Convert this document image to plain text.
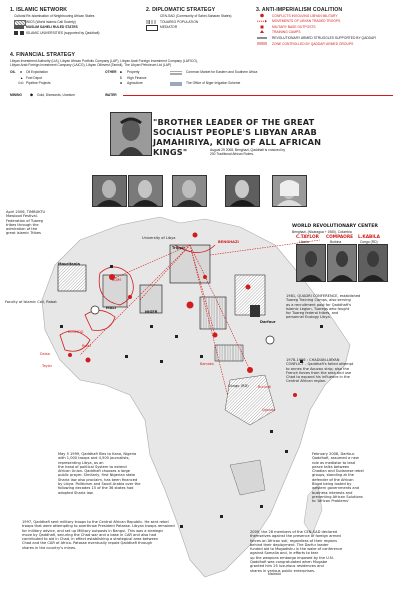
1. ISLAMIC NETWORK
Cultural Re-Islamisation of Neighbouring African States
WICS (World Islamic Call Society)
MUSLIM SAHELI RULED STATES
ISLAMIC UNIVERSITIES (supported by Qaddhafi)
2. DIPLOMATIC STRATEGY
CEN-SAD (Community of Sahel-Saharan States)
TOUAREG POPULATION
MEDIATOR
3. ANTI-IMPERIALISM COALITION
CONFLICTS INVOLVING LIBYAN MILITARY
MOVEMENTS OF LIBYAN TRADED TROOPS
MILITARY BASE OUTPOSTS
TRAINING CAMPS
REVOLUTIONARY ARMED STRUGGLES SUPPORTED BY QADDAFI
ZONE CONTROLLED BY QADDAFI ARMED GROUPS
4. FINANCIAL STRATEGY
Libyan Investment Authority (LIA), Libyan African Portfolio Company (LAP), Libyan Arab Foreign Investment Company (LAFICO),
Libyan Arab Foreign Investment Company (LAICO), Libyan Oilinvest (Tamoil), The Libyan Petroleum Ltd (LAP)
OIL ◘ Oil Exploitation
▲ Fuel Depot
⊙⊙ Pipeline Projects
OTHER ■ Property
$ High Finance
♣ Agriculture
Common Market for Eastern and Southern Africa
The Office of Niger Irrigation Scheme
MINING ⬟ Gold, Diamonds, Uranium	WATER
"BROTHER LEADER OF THE GREAT
SOCIALIST PEOPLE'S LIBYAN ARAB
JAMAHIRIYA, KING OF ALL AFRICAN
KINGS"	August 29 2008, Benghazi, Qaddhafi is crowned by
200 Traditional African Rulers.
Tripoli
BENGHAZI
University of Libya
Mauritania
Faculty of Islamic Call, Rabat
MALI
NIGER
AQIM
ECOMOG
Daloa
Taylor
Rufar
Congo (RD)	Burundi
Bamako
Uganda
Nairobi
Darfour
C.TAYLOR
Liberia
COMPAORE
Burkina
L.KABILA
Congo (RD)
WORLD REVOLUTIONARY CENTER
Benghazi, (Nicaragua + 1980), Columbia
April 2006, TIMBUKTU
Mawlood Festival.
Federation of Tuareg
tribes through the
admiration of the
great Islamic Tribes
1981, QUADRI CONFERENCE, established
Tuareg Training Camps, also serving
as a recruitment pool for Qaddhafi's
Islamic Legion, Tuaregs who fought
for Tuareg federal tribes, and
personnel Ecology Libya.
1978-1986 : CHADIAN-LIBYAN
CONFLICT - Qaddhafi's failed attempt
to annex the Aouzou strip; also the
French forces from the area and use
Chad to expand his influence in the
Central African region.
May 5 1999, Qaddhafi flies to Kano, Nigeria
with 1,000 troops and 4,500 journalists,
representing Libya, as an
the head of political System to extend
African Union. Qaddhafi chooses a large
public prayer. Similarly, first Nigerian state
Sharia law also proclaim, has been financed
by Libya. Politicism and Saudi Arabia over the
following decades 15 of the 36 states had
adopted Sharia law.
February 2008, Darfour.
Qaddhafi, assumed a new
role as mediator to lead
peace talks between
Chadian and Sudanese rebel
groups, standing at the
defender of the African
Blood being looted by
western governments and
business interests and
preventing African Solutions
to 'African Problems'
1997, Qaddhafi sent military troops to the Central African Republic. He sent rebel
troops that were attempting to overthrow President Patasse. Libyan troops remained
for military advice, and set up Military outposts in Bangui. This was a strategic
move by Qaddhafi, securing the Chad war and a base in CAR and also had
contributed to aid in Chad, in effect establishing a strategical area between
Chad and the CAR of Africa. Patasse eventually repaid Qaddhafi through
shares in the country's mines.
2009, the 28 members of the CEN-SAD declared
themselves against the presence of foreign armed
forces on African soil, regardless of their regions
behind their deployment. The Darfur leader
funded aid to Mogadishu in the wake of conference
against Somalia and, in efforts to tear
up the weapons embargo imposed by the U.N.
Qaddhafi was congratulated when Mugabe
granted him 25 luxurious residences and
shares in various public enterprises.
